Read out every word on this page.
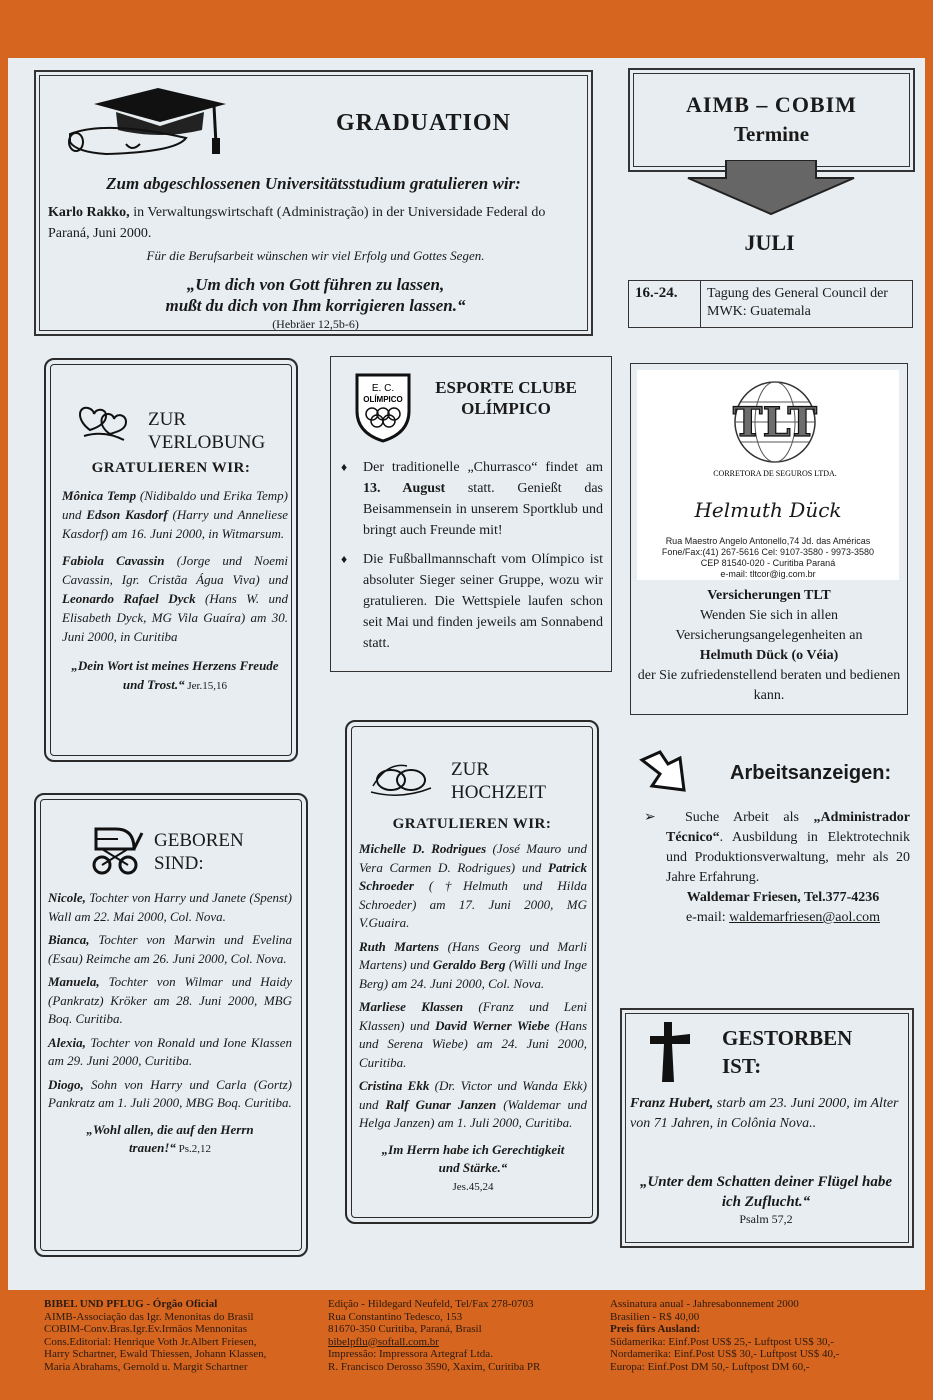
GRADUATION
Zum abgeschlossenen Universitätsstudium gratulieren wir:

Karlo Rakko, in Verwaltungswirtschaft (Administração) in der Universidade Federal do Paraná, Juni 2000.

Für die Berufsarbeit wünschen wir viel Erfolg und Gottes Segen.
„Um dich von Gott führen zu lassen,
mußt du dich von Ihm korrigieren lassen.“
(Hebräer 12,5b-6)
AIMB – COBIM
Termine
JULI
16.-24.	Tagung des General Council der MWK: Guatemala
ZUR
VERLOBUNG
GRATULIEREN WIR:

Mônica Temp (Nidibaldo und Erika Temp) und Edson Kasdorf (Harry und Anneliese Kasdorf) am 16. Juni 2000, in Witmarsum.

Fabiola Cavassin (Jorge und Noemi Cavassin, Igr. Cristãa Água Viva) und Leonardo Rafael Dyck (Hans W. und Elisabeth Dyck, MG Vila Guaíra) am 30. Juni 2000, in Curitiba

„Dein Wort ist meines Herzens Freude und Trost.“ Jer.15,16

E. C.
OLÍMPICO
ESPORTE CLUBE
OLÍMPICO
♦ Der traditionelle „Churrasco“ findet am 13. August statt. Genießt das Beisammensein in unserem Sportklub und bringt auch Freunde mit!
♦ Die Fußballmannschaft vom Olímpico ist absoluter Sieger seiner Gruppe, wozu wir gratulieren. Die Wettspiele laufen schon seit Mai und finden jeweils am Sonnabend statt.
TLT
CORRETORA DE SEGUROS LTDA.
Helmuth Dück
Rua Maestro Angelo Antonello,74 Jd. das Américas
Fone/Fax:(41) 267-5616 Cel: 9107-3580 - 9973-3580
CEP 81540-020 - Curitiba Paraná
e-mail: tltcor@ig.com.br
Versicherungen TLT
Wenden Sie sich in allen Versicherungsangelegenheiten an
Helmuth Dück (o Véia)
der Sie zufriedenstellend beraten und bedienen kann.
Arbeitsanzeigen:

➢  Suche Arbeit als „Administrador Técnico“. Ausbildung in Elektrotechnik und Produktionsverwaltung, mehr als 20 Jahre Erfahrung.

Waldemar Friesen, Tel.377-4236

e-mail: waldemarfriesen@aol.com

GEBOREN
SIND:

Nicole, Tochter von Harry und Janete (Spenst) Wall am 22. Mai 2000, Col. Nova.

Bianca, Tochter von Marwin und Evelina (Esau) Reimche am 26. Juni 2000, Col. Nova.

Manuela, Tochter von Wilmar und Haidy (Pankratz) Kröker am 28. Juni 2000, MBG Boq. Curitiba.

Alexia, Tochter von Ronald und Ione Klassen am 29. Juni 2000, Curitiba.

Diogo, Sohn von Harry und Carla (Gortz) Pankratz am 1. Juli 2000, MBG Boq. Curitiba.

„Wohl allen, die auf den Herrn trauen!“ Ps.2,12

ZUR
HOCHZEIT
GRATULIEREN WIR:

Michelle D. Rodrigues (José Mauro und Vera Carmen D. Rodrigues) und Patrick Schroeder (†Helmuth und Hilda Schroeder) am 17. Juni 2000, MG V.Guaira.

Ruth Martens (Hans Georg und Marli Martens) und Geraldo Berg (Willi und Inge Berg) am 24. Juni 2000, Col. Nova.

Marliese Klassen (Franz und Leni Klassen) und David Werner Wiebe (Hans und Serena Wiebe) am 24. Juni 2000, Curitiba.

Cristina Ekk (Dr. Victor und Wanda Ekk) und Ralf Gunar Janzen (Waldemar und Helga Janzen) am 1. Juli 2000, Curitiba.

„Im Herrn habe ich Gerechtigkeit und Stärke.“

Jes.45,24

GESTORBEN
IST:

Franz Hubert, starb am 23. Juni 2000, im Alter von 71 Jahren, in Colônia Nova..

„Unter dem Schatten deiner Flügel habe ich Zuflucht.“
Psalm 57,2
BIBEL UND PFLUG - Órgão Oficial
AIMB-Associação das Igr. Menonitas do Brasil
COBIM-Conv.Bras.Igr.Ev.Irmãos Mennonitas
Cons.Editorial: Henrique Voth Jr.Albert Friesen,
Harry Schartner, Ewald Thiessen, Johann Klassen,
Maria Abrahams, Gernold u. Margit Schartner
Edição - Hildegard Neufeld, Tel/Fax 278-0703
Rua Constantino Tedesco, 153
81670-350 Curitiba, Paraná, Brasil
bibelpflu@softall.com.br
Impressão: Impressora Artegraf Ltda.
R. Francisco Derosso 3590, Xaxim, Curitiba PR
Assinatura anual - Jahresabonnement 2000
Brasilien - R$ 40,00
Preis fürs Ausland:
Südamerika: Einf.Post US$ 25,- Luftpost US$ 30,-
Nordamerika: Einf.Post US$ 30,- Luftpost US$ 40,-
Europa: Einf.Post DM 50,- Luftpost DM 60,-
